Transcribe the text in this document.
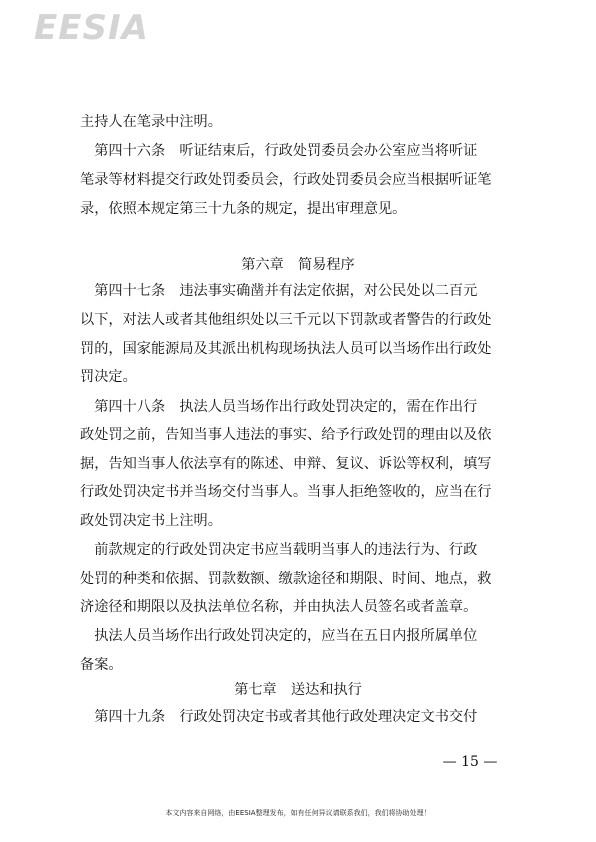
EESIA
主持人在笔录中注明。
　第四十六条　听证结束后，行政处罚委员会办公室应当将听证
笔录等材料提交行政处罚委员会，行政处罚委员会应当根据听证笔
录，依照本规定第三十九条的规定，提出审理意见。
第六章　简易程序
　第四十七条　违法事实确凿并有法定依据，对公民处以二百元
以下，对法人或者其他组织处以三千元以下罚款或者警告的行政处
罚的，国家能源局及其派出机构现场执法人员可以当场作出行政处
罚决定。
　第四十八条　执法人员当场作出行政处罚决定的，需在作出行
政处罚之前，告知当事人违法的事实、给予行政处罚的理由以及依
据，告知当事人依法享有的陈述、申辩、复议、诉讼等权利，填写
行政处罚决定书并当场交付当事人。当事人拒绝签收的，应当在行
政处罚决定书上注明。
　前款规定的行政处罚决定书应当载明当事人的违法行为、行政
处罚的种类和依据、罚款数额、缴款途径和期限、时间、地点，救
济途径和期限以及执法单位名称，并由执法人员签名或者盖章。
　执法人员当场作出行政处罚决定的，应当在五日内报所属单位
备案。
第七章　送达和执行
　第四十九条　行政处罚决定书或者其他行政处理决定文书交付
— 15 —
本文内容来自网络，由EESIA整理发布，如有任何异议请联系我们，我们将协助处理！
